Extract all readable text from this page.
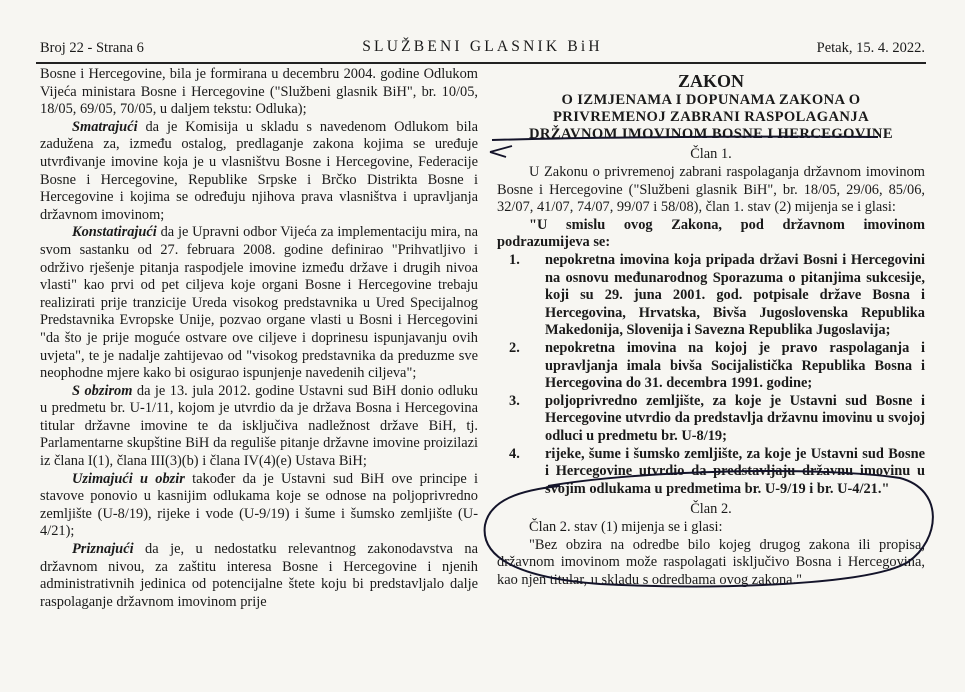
Broj 22 - Strana 6	SLUŽBENI GLASNIK BiH	Petak, 15. 4. 2022.

Bosne i Hercegovine, bila je formirana u decembru 2004. godine Odlukom Vijeća ministara Bosne i Hercegovine ("Službeni glasnik BiH", br. 10/05, 18/05, 69/05, 70/05, u daljem tekstu: Odluka);

Smatrajući da je Komisija u skladu s navedenom Odlukom bila zadužena za, između ostalog, predlaganje zakona kojima se uređuje utvrđivanje imovine koja je u vlasništvu Bosne i Hercegovine, Federacije Bosne i Hercegovine, Republike Srpske i Brčko Distrikta Bosne i Hercegovine i kojima se određuju njihova prava vlasništva i upravljanja državnom imovinom;

Konstatirajući da je Upravni odbor Vijeća za implementaciju mira, na svom sastanku od 27. februara 2008. godine definirao "Prihvatljivo i održivo rješenje pitanja raspodjele imovine između države i drugih nivoa vlasti" kao prvi od pet ciljeva koje organi Bosne i Hercegovine trebaju realizirati prije tranzicije Ureda visokog predstavnika u Ured Specijalnog Predstavnika Evropske Unije, pozvao organe vlasti u Bosni i Hercegovini "da što je prije moguće ostvare ove ciljeve i doprinesu ispunjavanju ovih uvjeta", te je nadalje zahtijevao od "visokog predstavnika da preduzme sve neophodne mjere kako bi osigurao ispunjenje navedenih ciljeva";

S obzirom da je 13. jula 2012. godine Ustavni sud BiH donio odluku u predmetu br. U-1/11, kojom je utvrdio da je država Bosna i Hercegovina titular državne imovine te da isključiva nadležnost države BiH, tj. Parlamentarne skupštine BiH da reguliše pitanje državne imovine proizilazi iz člana I(1), člana III(3)(b) i člana IV(4)(e) Ustava BiH;

Uzimajući u obzir također da je Ustavni sud BiH ove principe i stavove ponovio u kasnijim odlukama koje se odnose na poljoprivredno zemljište (U-8/19), rijeke i vode (U-9/19) i šume i šumsko zemljište (U-4/21);

Priznajući da je, u nedostatku relevantnog zakonodavstva na državnom nivou, za zaštitu interesa Bosne i Hercegovine i njenih administrativnih jedinica od potencijalne štete koju bi predstavljalo dalje raspolaganje državnom imovinom prije

ZAKON
O IZMJENAMA I DOPUNAMA ZAKONA O
PRIVREMENOJ ZABRANI RASPOLAGANJA
DRŽAVNOM IMOVINOM BOSNE I HERCEGOVINE
Član 1.

U Zakonu o privremenoj zabrani raspolaganja državnom imovinom Bosne i Hercegovine ("Službeni glasnik BiH", br. 18/05, 29/06, 85/06, 32/07, 41/07, 74/07, 99/07 i 58/08), član 1. stav (2) mijenja se i glasi:

"U smislu ovog Zakona, pod državnom imovinom podrazumijeva se:

1. nepokretna imovina koja pripada državi Bosni i Hercegovini na osnovu međunarodnog Sporazuma o pitanjima sukcesije, koji su 29. juna 2001. god. potpisale države Bosna i Hercegovina, Hrvatska, Bivša Jugoslovenska Republika Makedonija, Slovenija i Savezna Republika Jugoslavija;
2. nepokretna imovina na kojoj je pravo raspolaganja i upravljanja imala bivša Socijalistička Republika Bosna i Hercegovina do 31. decembra 1991. godine;
3. poljoprivredno zemljište, za koje je Ustavni sud Bosne i Hercegovine utvrdio da predstavlja državnu imovinu u svojoj odluci u predmetu br. U-8/19;
4. rijeke, šume i šumsko zemljište, za koje je Ustavni sud Bosne i Hercegovine utvrdio da predstavljaju državnu imovinu u svojim odlukama u predmetima br. U-9/19 i br. U-4/21."
Član 2.

Član 2. stav (1) mijenja se i glasi:

"Bez obzira na odredbe bilo kojeg drugog zakona ili propisa, državnom imovinom može raspolagati isključivo Bosna i Hercegovina, kao njen titular, u skladu s odredbama ovog zakona."
